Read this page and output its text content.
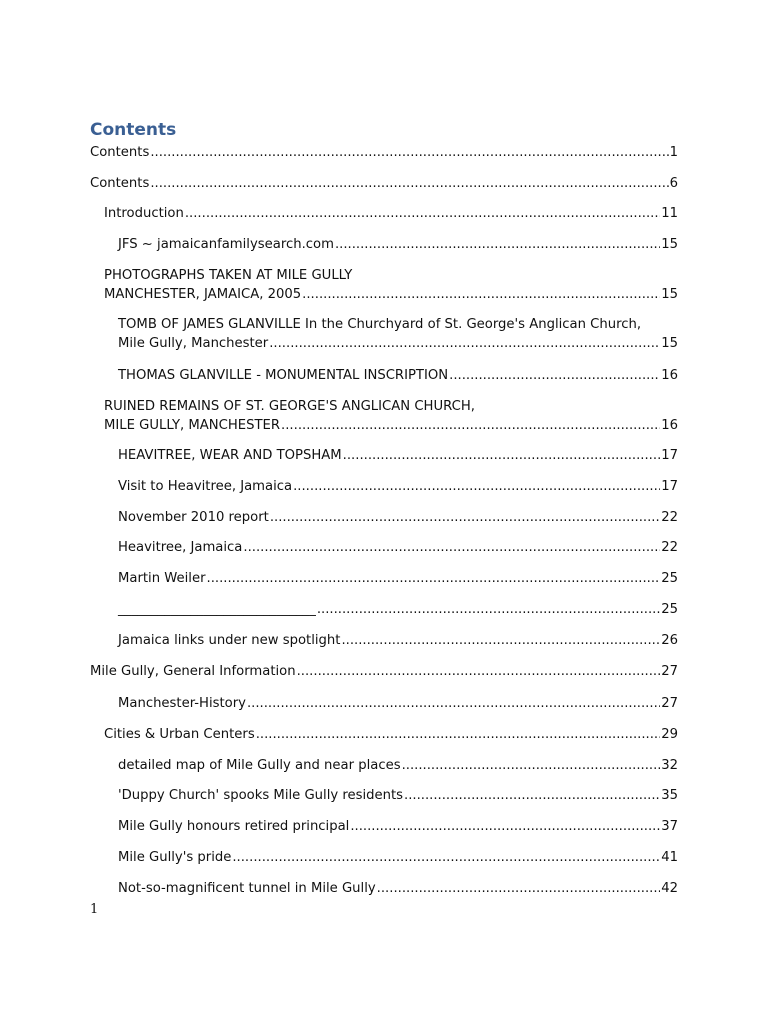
Contents
Contents .....	1
Contents .....	6
Introduction .....	11
JFS ~ jamaicanfamilysearch.com .....	15
PHOTOGRAPHS TAKEN AT MILE GULLY
MANCHESTER, JAMAICA, 2005 .....	15
TOMB OF JAMES GLANVILLE In the Churchyard of St. George's Anglican Church,
Mile Gully, Manchester .....	15
THOMAS GLANVILLE - MONUMENTAL INSCRIPTION .....	16
RUINED REMAINS OF ST. GEORGE'S ANGLICAN CHURCH,
MILE GULLY, MANCHESTER .....	16
HEAVITREE, WEAR AND TOPSHAM .....	17
Visit to Heavitree, Jamaica .....	17
November 2010 report .....	22
Heavitree, Jamaica .....	22
Martin Weiler .....	25
______________________________ .....	25
Jamaica links under new spotlight .....	26
Mile Gully, General Information .....	27
Manchester-History .....	27
Cities & Urban Centers .....	29
detailed map of Mile Gully and near places .....	32
'Duppy Church' spooks Mile Gully residents .....	35
Mile Gully honours retired principal .....	37
Mile Gully's pride .....	41
Not-so-magnificent tunnel in Mile Gully .....	42
1
